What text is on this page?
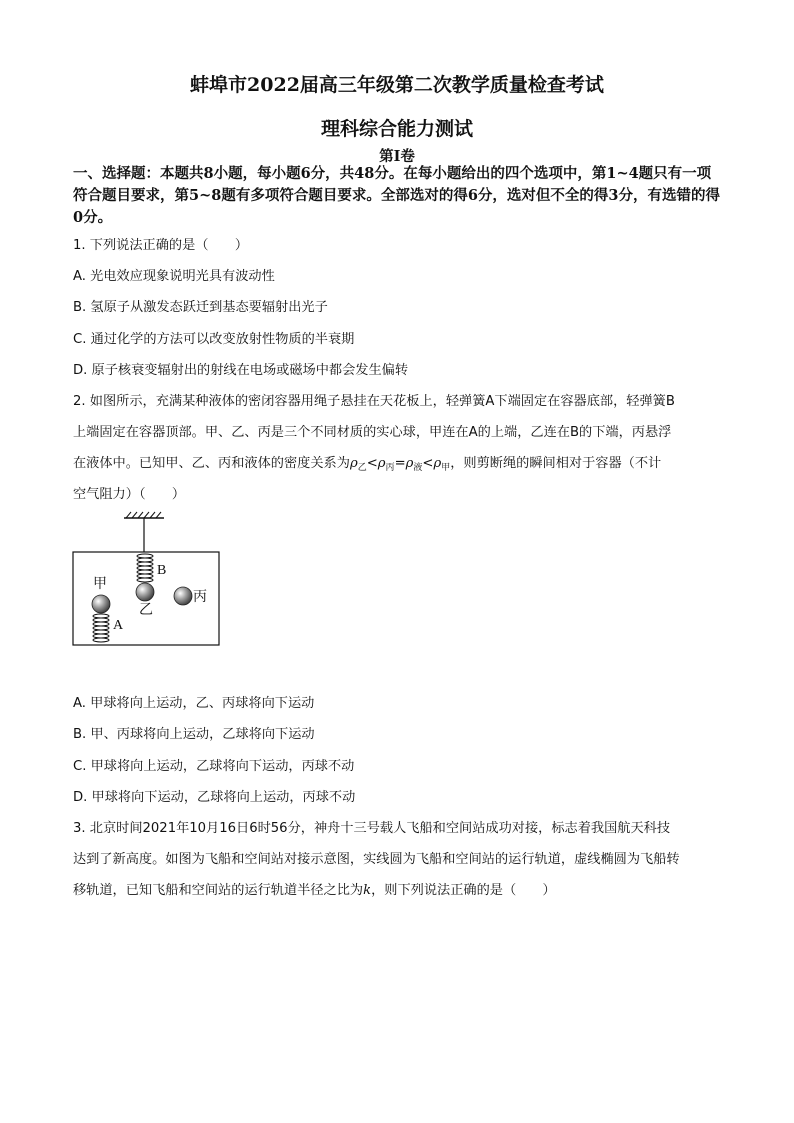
蚌埠市2022届高三年级第二次教学质量检查考试
理科综合能力测试
第I卷
一、选择题：本题共8小题，每小题6分，共48分。在每小题给出的四个选项中，第1~4题只有一项符合题目要求，第5~8题有多项符合题目要求。全部选对的得6分，选对但不全的得3分，有选错的得0分。
1. 下列说法正确的是（　　）
A. 光电效应现象说明光具有波动性
B. 氢原子从激发态跃迁到基态要辐射出光子
C. 通过化学的方法可以改变放射性物质的半衰期
D. 原子核衰变辐射出的射线在电场或磁场中都会发生偏转
2. 如图所示，充满某种液体的密闭容器用绳子悬挂在天花板上，轻弹簧A下端固定在容器底部，轻弹簧B
上端固定在容器顶部。甲、乙、丙是三个不同材质的实心球，甲连在A的上端，乙连在B的下端，丙悬浮
在液体中。已知甲、乙、丙和液体的密度关系为$\rho_乙<\rho_丙=\rho_液<\rho_甲$，则剪断绳的瞬间相对于容器（不计
空气阻力）（　　）
甲
乙
丙
A
B
A. 甲球将向上运动，乙、丙球将向下运动
B. 甲、丙球将向上运动，乙球将向下运动
C. 甲球将向上运动，乙球将向下运动，丙球不动
D. 甲球将向下运动，乙球将向上运动，丙球不动
3. 北京时间2021年10月16日6时56分，神舟十三号载人飞船和空间站成功对接，标志着我国航天科技
达到了新高度。如图为飞船和空间站对接示意图，实线圆为飞船和空间站的运行轨道，虚线椭圆为飞船转
移轨道，已知飞船和空间站的运行轨道半径之比为k，则下列说法正确的是（　　）
